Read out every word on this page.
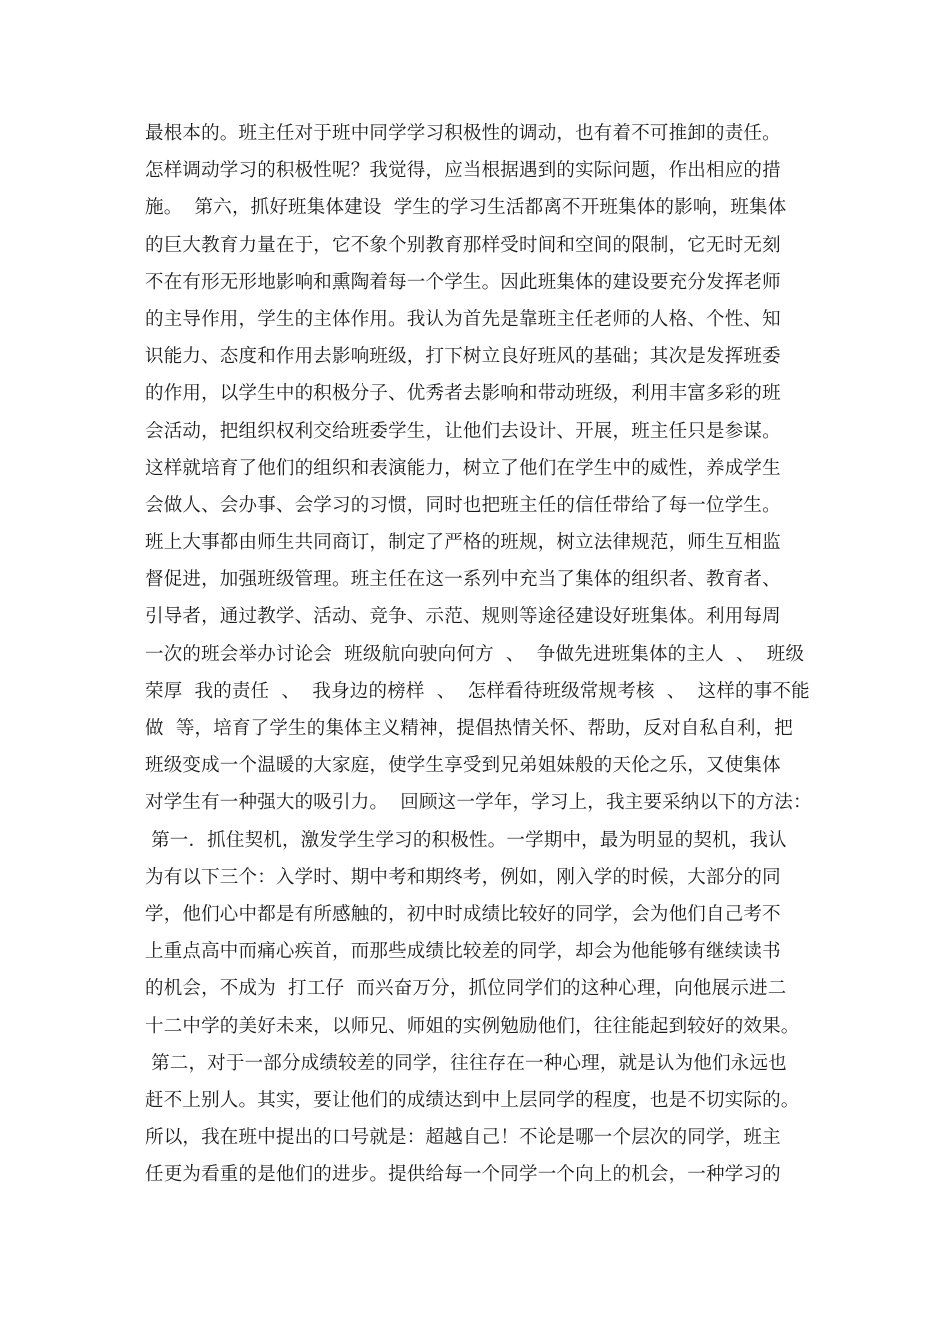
最根本的。班主任对于班中同学学习积极性的调动，也有着不可推卸的责任。
怎样调动学习的积极性呢？我觉得，应当根据遇到的实际问题，作出相应的措
施。  第六，抓好班集体建设  学生的学习生活都离不开班集体的影响，班集体
的巨大教育力量在于，它不象个别教育那样受时间和空间的限制，它无时无刻
不在有形无形地影响和熏陶着每一个学生。因此班集体的建设要充分发挥老师
的主导作用，学生的主体作用。我认为首先是靠班主任老师的人格、个性、知
识能力、态度和作用去影响班级，打下树立良好班风的基础；其次是发挥班委
的作用，以学生中的积极分子、优秀者去影响和带动班级，利用丰富多彩的班
会活动，把组织权利交给班委学生，让他们去设计、开展，班主任只是参谋。
这样就培育了他们的组织和表演能力，树立了他们在学生中的威性，养成学生
会做人、会办事、会学习的习惯，同时也把班主任的信任带给了每一位学生。
班上大事都由师生共同商订，制定了严格的班规，树立法律规范，师生互相监
督促进，加强班级管理。班主任在这一系列中充当了集体的组织者、教育者、
引导者，通过教学、活动、竞争、示范、规则等途径建设好班集体。利用每周
一次的班会举办讨论会  班级航向驶向何方  、  争做先进班集体的主人  、  班级
荣厚  我的责任  、  我身边的榜样  、  怎样看待班级常规考核  、  这样的事不能
做  等，培育了学生的集体主义精神，提倡热情关怀、帮助，反对自私自利，把
班级变成一个温暖的大家庭，使学生享受到兄弟姐妹般的天伦之乐，又使集体
对学生有一种强大的吸引力。  回顾这一学年，学习上，我主要采纳以下的方法：
第一．抓住契机，激发学生学习的积极性。一学期中，最为明显的契机，我认
为有以下三个：入学时、期中考和期终考，例如，刚入学的时候，大部分的同
学，他们心中都是有所感触的，初中时成绩比较好的同学，会为他们自己考不
上重点高中而痛心疾首，而那些成绩比较差的同学，却会为他能够有继续读书
的机会，不成为  打工仔  而兴奋万分，抓位同学们的这种心理，向他展示进二
十二中学的美好未来，以师兄、师姐的实例勉励他们，往往能起到较好的效果。
第二，对于一部分成绩较差的同学，往往存在一种心理，就是认为他们永远也
赶不上别人。其实，要让他们的成绩达到中上层同学的程度，也是不切实际的。
所以，我在班中提出的口号就是：超越自己！不论是哪一个层次的同学，班主
任更为看重的是他们的进步。提供给每一个同学一个向上的机会，一种学习的
